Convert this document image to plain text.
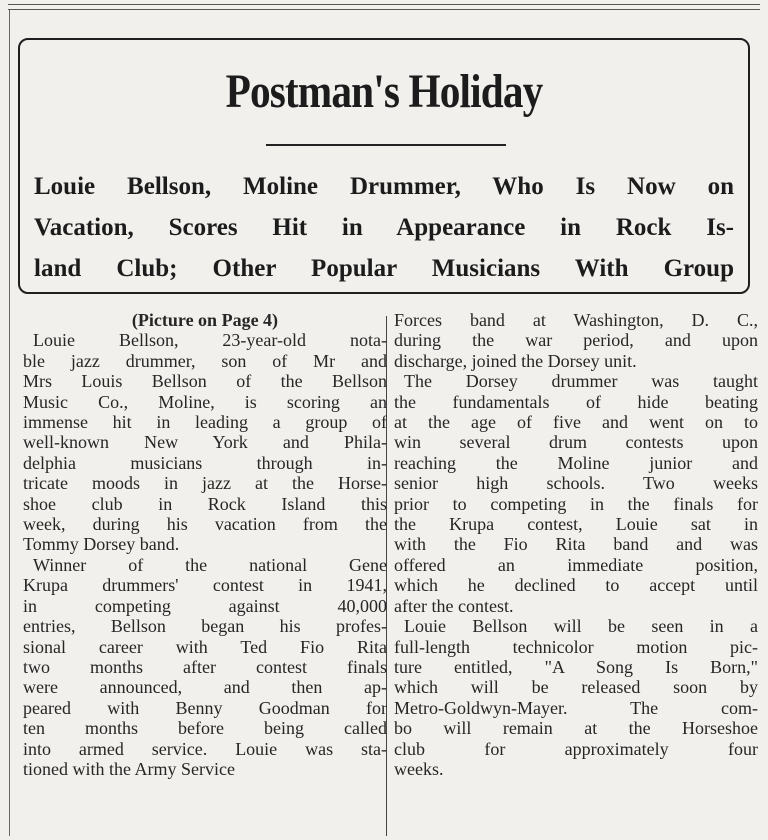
Postman's Holiday

Louie Bellson, Moline Drummer, Who Is Now on
Vacation, Scores Hit in Appearance in Rock Is-
land Club; Other Popular Musicians With Group

(Picture on Page 4)
Louie Bellson, 23-year-old nota-
ble jazz drummer, son of Mr and
Mrs Louis Bellson of the Bellson
Music Co., Moline, is scoring an
immense hit in leading a group of
well-known New York and Phila-
delphia musicians through in-
tricate moods in jazz at the Horse-
shoe club in Rock Island this
week, during his vacation from the
Tommy Dorsey band.
Winner of the national Gene
Krupa drummers' contest in 1941,
in competing against 40,000
entries, Bellson began his profes-
sional career with Ted Fio Rita
two months after contest finals
were announced, and then ap-
peared with Benny Goodman for
ten months before being called
into armed service. Louie was sta-
tioned with the Army Service
Forces band at Washington, D. C.,
during the war period, and upon
discharge, joined the Dorsey unit.
The Dorsey drummer was taught
the fundamentals of hide beating
at the age of five and went on to
win several drum contests upon
reaching the Moline junior and
senior high schools. Two weeks
prior to competing in the finals for
the Krupa contest, Louie sat in
with the Fio Rita band and was
offered an immediate position,
which he declined to accept until
after the contest.
Louie Bellson will be seen in a
full-length technicolor motion pic-
ture entitled, "A Song Is Born,"
which will be released soon by
Metro-Goldwyn-Mayer. The com-
bo will remain at the Horseshoe
club for approximately four
weeks.
